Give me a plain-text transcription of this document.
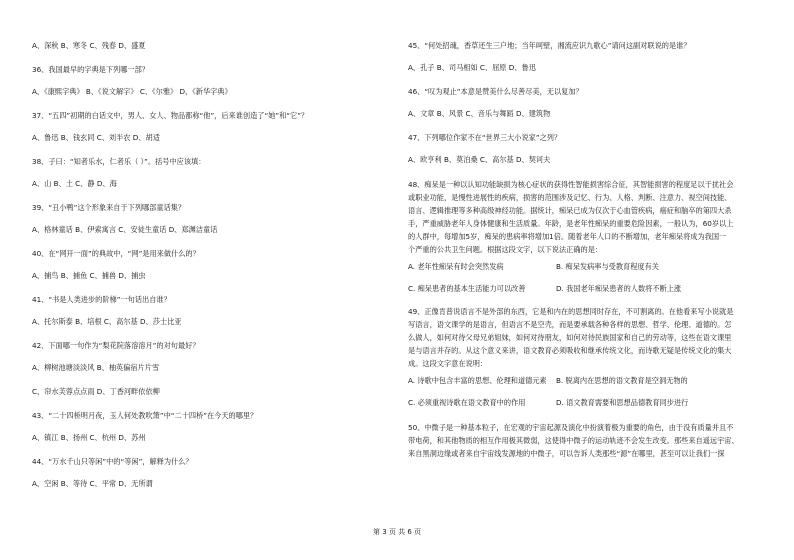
A、深秋 B、寒冬 C、残春 D、盛夏
36、我国最早的字典是下列哪一部？
A、《康熙字典》 B、《说文解字》 C、《尔雅》 D、《新华字典》
37、“五四”初期的白话文中，男人、女人、物品都称“他”，后来谁创造了“她”和“它”？
A、鲁迅 B、钱玄同 C、刘半农 D、胡适
38、子曰：“知者乐水，仁者乐（ ）”。括号中应该填：
A、山 B、土 C、静 D、海
39、“丑小鸭”这个形象来自于下列哪部童话集？
A、格林童话 B、伊索寓言 C、安徒生童话 D、郑渊洁童话
40、在“网开一面”的典故中，“网”是用来做什么的？
A、捕鸟 B、捕鱼 C、捕兽 D、捕虫
41、“书是人类进步的阶梯”一句话出自谁？
A、托尔斯泰 B、培根 C、高尔基 D、莎士比亚
42、下面哪一句作为“梨花院落溶溶月”的对句最好？
A、柳树池塘淡淡风 B、柚英偏宿片片雪
C、帘水芙蓉点点雨 D、丁香河畔依依柳
43、“二十四桥明月夜，玉人何处教吹箫”中“二十四桥”在今天的哪里？
A、镇江 B、扬州 C、杭州 D、苏州
44、“万水千山只等闲”中的“等闲”，解释为什么？
A、空闲 B、等待 C、平常 D、无所谓
45、“何处招魂，香草还生三户地；当年呵壁，湘流应识九歌心”请问这副对联说的是谁？
A、孔子 B、司马相如 C、屈原 D、鲁迅
46、“叹为观止”本意是赞美什么尽善尽美，无以复加？
A、文章 B、风景 C、音乐与舞蹈 D、建筑物
47、下列哪位作家不在“世界三大小说家”之列？
A、欧亨利 B、莫泊桑 C、高尔基 D、契诃夫
48、痴呆是一种以认知功能缺损为核心症状的获得性智能损害综合征，其智能损害的程度足以干扰社会
或职业功能，是慢性进展性的疾病，损害的范围涉及记忆、行为、人格、判断、注意力、视空间技能、
语言、逻辑推理等多种高级神经功能。据统计，痴呆已成为仅次于心血管疾病，癌症和脑卒的第四大杀
手，严重威胁老年人身体健康和生活质量。年龄，是老年性痴呆的重要危险因素，一般认为，60岁以上
的人群中，每增加5岁，痴呆的患病率将增加1倍。随着老年人口的不断增加，老年痴呆将成为我国一
个严重的公共卫生问题。根据这段文字，以下说法正确的是：
A. 老年性痴呆有时会突然发病	B. 痴呆发病率与受教育程度有关
C. 痴呆患者的基本生活能力可以改善	D. 我国老年痴呆患者的人数将不断上涨
49、正像肯普说语言不是外部的东西，它是和内在的思想同时存在，不可割离的。在他看来写小说就是
写语言，语文课学的是语言，但语言不是空壳，而是要承载各种各样的思想、哲学、伦理、道德的。怎
么做人，如何对待父母兄弟姐妹，如何对待朋友，如何对待民族国家和自己的劳动等，这些在语文课里
是与语言并存的。从这个意义来讲，语文教育必须吸收和继承传统文化，而诗歌无疑是传统文化的集大
成。这段文字意在说明：
A. 诗歌中包含丰富的思想、伦理和道德元素	B. 脱离内在思想的语文教育是空洞无物的
C. 必须重视诗歌在语文教育中的作用	D. 语文教育需要和思想品德教育同步进行
50、中微子是一种基本粒子，在宏观的宇宙起源及演化中扮演着极为重要的角色，由于没有质量并且不
带电荷，和其他物质的相互作用极其微弱，这使得中微子的运动轨迹不会发生改变。那些来自遥远宇宙、
来自黑洞边缘或者来自宇宙线发源地的中微子，可以告诉人类那些“源”在哪里，甚至可以让我们一探
第 3 页 共 6 页
